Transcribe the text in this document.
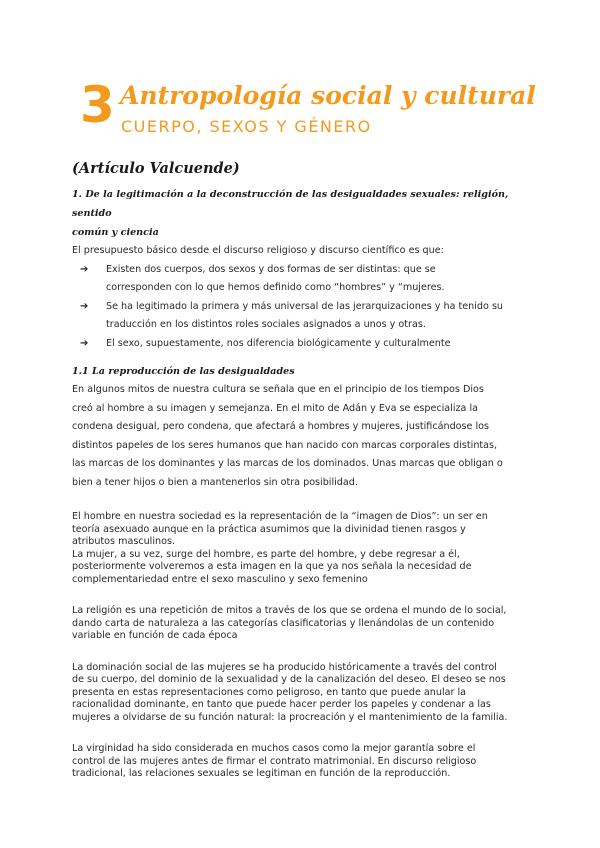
3 Antropología social y cultural
CUERPO, SEXOS Y GÉNERO
(Artículo Valcuende)
1. De la legitimación a la deconstrucción de las desigualdades sexuales: religión, sentido
común y ciencia
El presupuesto básico desde el discurso religioso y discurso científico es que:
➔ Existen dos cuerpos, dos sexos y dos formas de ser distintas: que se
corresponden con lo que hemos definido como “hombres” y “mujeres.
➔ Se ha legitimado la primera y más universal de las jerarquizaciones y ha tenido su
traducción en los distintos roles sociales asignados a unos y otras.
➔ El sexo, supuestamente, nos diferencia biológicamente y culturalmente
1.1 La reproducción de las desigualdades
En algunos mitos de nuestra cultura se señala que en el principio de los tiempos Dios
creó al hombre a su imagen y semejanza. En el mito de Adán y Eva se especializa la
condena desigual, pero condena, que afectará a hombres y mujeres, justificándose los
distintos papeles de los seres humanos que han nacido con marcas corporales distintas,
las marcas de los dominantes y las marcas de los dominados. Unas marcas que obligan o
bien a tener hijos o bien a mantenerlos sin otra posibilidad.
El hombre en nuestra sociedad es la representación de la “imagen de Dios”: un ser en
teoría asexuado aunque en la práctica asumimos que la divinidad tienen rasgos y
atributos masculinos.
La mujer, a su vez, surge del hombre, es parte del hombre, y debe regresar a él,
posteriormente volveremos a esta imagen en la que ya nos señala la necesidad de
complementariedad entre el sexo masculino y sexo femenino
La religión es una repetición de mitos a través de los que se ordena el mundo de lo social,
dando carta de naturaleza a las categorías clasificatorias y llenándolas de un contenido
variable en función de cada época
La dominación social de las mujeres se ha producido históricamente a través del control
de su cuerpo, del dominio de la sexualidad y de la canalización del deseo. El deseo se nos
presenta en estas representaciones como peligroso, en tanto que puede anular la
racionalidad dominante, en tanto que puede hacer perder los papeles y condenar a las
mujeres a olvidarse de su función natural: la procreación y el mantenimiento de la familia.
La virginidad ha sido considerada en muchos casos como la mejor garantía sobre el
control de las mujeres antes de firmar el contrato matrimonial. En discurso religioso
tradicional, las relaciones sexuales se legitiman en función de la reproducción.
